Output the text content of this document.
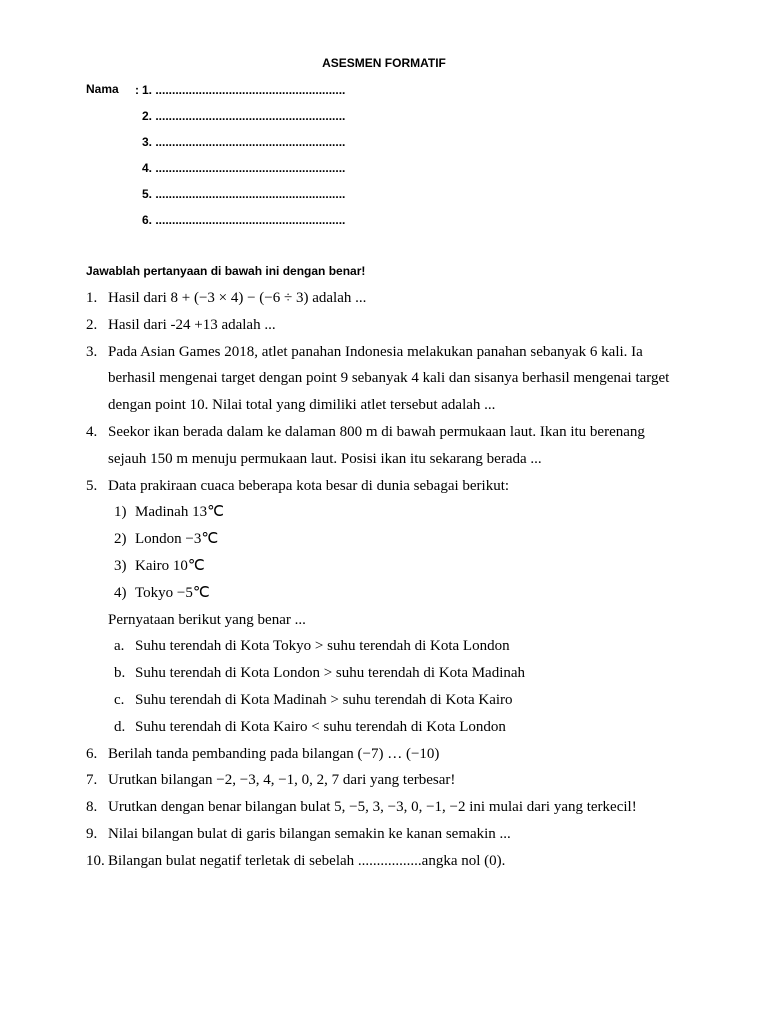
ASESMEN FORMATIF
Nama : 1. .........................................................
2. .........................................................
3. .........................................................
4. .........................................................
5. .........................................................
6. .........................................................
Jawablah pertanyaan di bawah ini dengan benar!
1. Hasil dari 8 + (−3 × 4) − (−6 ÷ 3) adalah ...
2. Hasil dari -24 +13 adalah ...
3. Pada Asian Games 2018, atlet panahan Indonesia melakukan panahan sebanyak 6 kali. Ia berhasil mengenai target dengan point 9 sebanyak 4 kali dan sisanya berhasil mengenai target dengan point 10. Nilai total yang dimiliki atlet tersebut adalah ...
4. Seekor ikan berada dalam ke dalaman 800 m di bawah permukaan laut. Ikan itu berenang sejauh 150 m menuju permukaan laut. Posisi ikan itu sekarang berada ...
5. Data prakiraan cuaca beberapa kota besar di dunia sebagai berikut:
1) Madinah 13℃
2) London −3℃
3) Kairo 10℃
4) Tokyo −5℃
Pernyataan berikut yang benar ...
a. Suhu terendah di Kota Tokyo > suhu terendah di Kota London
b. Suhu terendah di Kota London > suhu terendah di Kota Madinah
c. Suhu terendah di Kota Madinah > suhu terendah di Kota Kairo
d. Suhu terendah di Kota Kairo < suhu terendah di Kota London
6. Berilah tanda pembanding pada bilangan (−7) … (−10)
7. Urutkan bilangan −2, −3, 4, −1, 0, 2, 7 dari yang terbesar!
8. Urutkan dengan benar bilangan bulat 5, −5, 3, −3, 0, −1, −2 ini mulai dari yang terkecil!
9. Nilai bilangan bulat di garis bilangan semakin ke kanan semakin ...
10. Bilangan bulat negatif terletak di sebelah .................angka nol (0).
